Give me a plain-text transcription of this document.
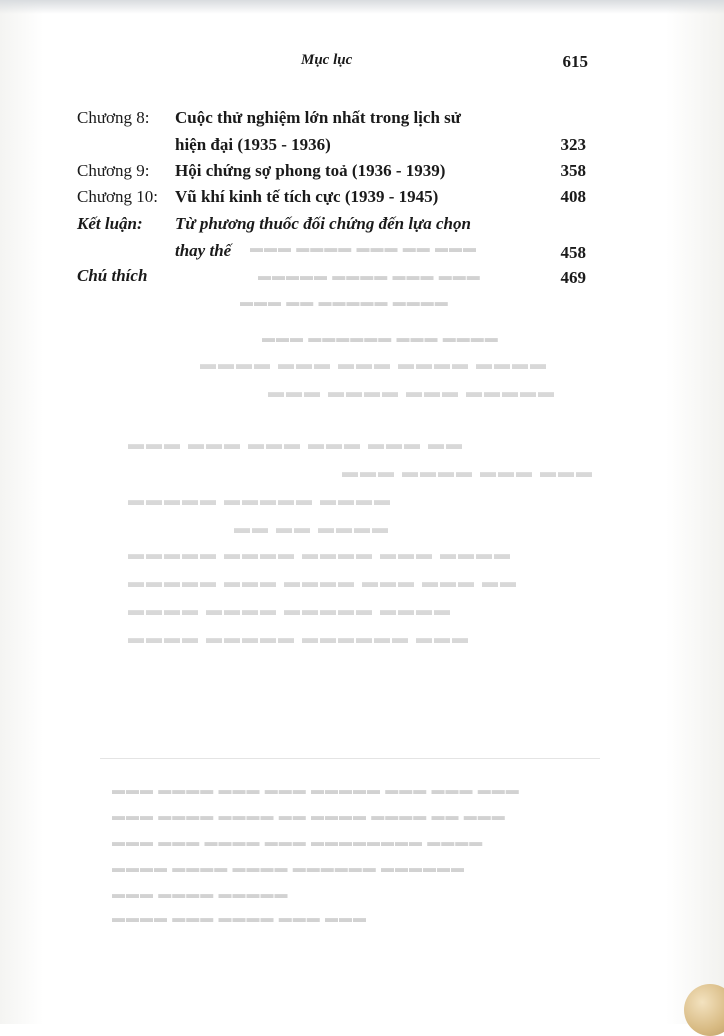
Mục lục	615
Chương 8: Cuộc thử nghiệm lớn nhất trong lịch sử
hiện đại (1935 - 1936)	323
Chương 9: Hội chứng sợ phong toả (1936 - 1939)	358
Chương 10: Vũ khí kinh tế tích cực (1939 - 1945)	408
Kết luận: Từ phương thuốc đối chứng đến lựa chọn
thay thế	458
Chú thích	469
▬▬▬ ▬▬▬▬ ▬▬▬ ▬▬ ▬▬▬
▬▬▬▬▬ ▬▬▬▬ ▬▬▬ ▬▬▬
▬▬▬ ▬▬ ▬▬▬▬▬ ▬▬▬▬
▬▬▬ ▬▬▬▬▬▬ ▬▬▬ ▬▬▬▬
▬▬▬▬ ▬▬▬ ▬▬▬ ▬▬▬▬ ▬▬▬▬
▬▬▬ ▬▬▬▬ ▬▬▬ ▬▬▬▬▬
▬▬▬ ▬▬▬ ▬▬▬ ▬▬▬ ▬▬▬ ▬▬
▬▬▬ ▬▬▬▬ ▬▬▬ ▬▬▬
▬▬▬▬▬ ▬▬▬▬▬ ▬▬▬▬
▬▬ ▬▬ ▬▬▬▬
▬▬▬▬▬ ▬▬▬▬ ▬▬▬▬ ▬▬▬ ▬▬▬▬
▬▬▬▬▬ ▬▬▬ ▬▬▬▬ ▬▬▬ ▬▬▬ ▬▬
▬▬▬▬ ▬▬▬▬ ▬▬▬▬▬ ▬▬▬▬
▬▬▬▬ ▬▬▬▬▬ ▬▬▬▬▬▬ ▬▬▬
▬▬▬ ▬▬▬▬ ▬▬▬ ▬▬▬ ▬▬▬▬▬ ▬▬▬ ▬▬▬ ▬▬▬
▬▬▬ ▬▬▬▬ ▬▬▬▬ ▬▬ ▬▬▬▬ ▬▬▬▬ ▬▬ ▬▬▬
▬▬▬ ▬▬▬ ▬▬▬▬ ▬▬▬ ▬▬▬▬▬▬▬▬ ▬▬▬▬
▬▬▬▬ ▬▬▬▬ ▬▬▬▬ ▬▬▬▬▬▬ ▬▬▬▬▬▬
▬▬▬ ▬▬▬▬ ▬▬▬▬▬
▬▬▬▬ ▬▬▬ ▬▬▬▬ ▬▬▬ ▬▬▬
